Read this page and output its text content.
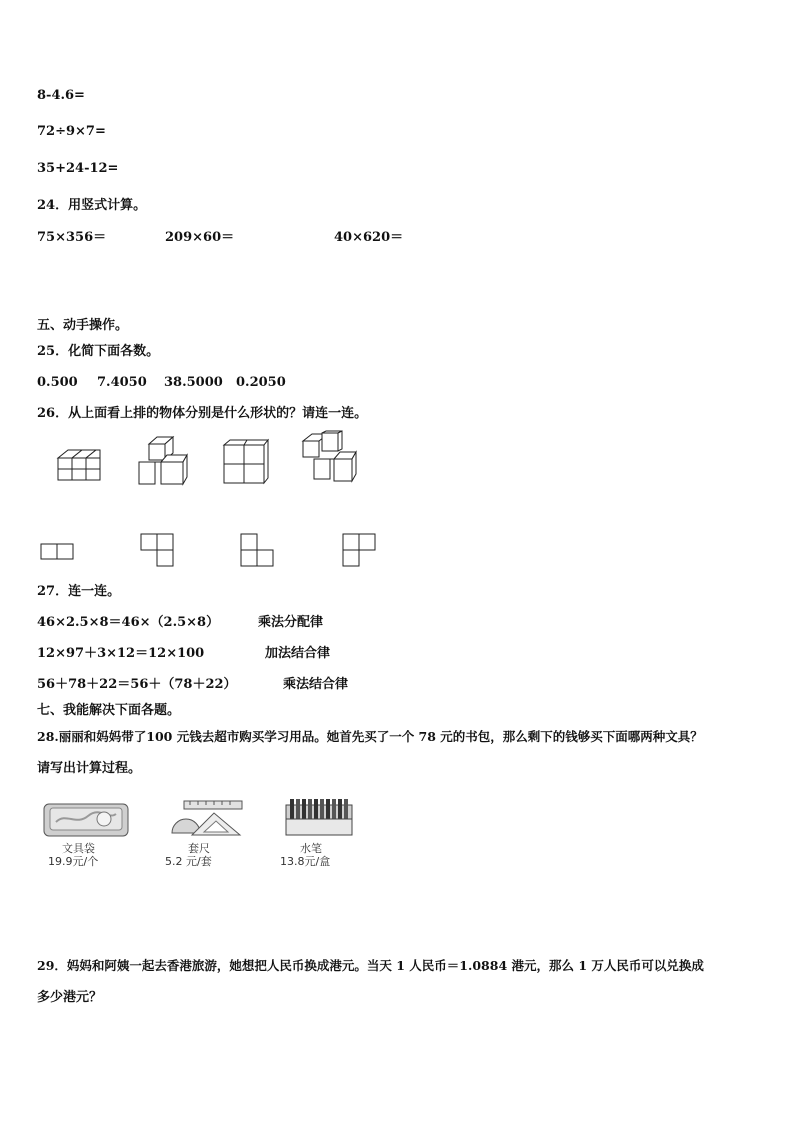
8-4.6=
72÷9×7=
35+24-12=
24．用竖式计算。
75×356＝	209×60＝	40×620＝
五、动手操作。
25．化简下面各数。
0.500 7.4050 38.5000 0.2050
26．从上面看上排的物体分别是什么形状的？请连一连。
27．连一连。
46×2.5×8＝46×（2.5×8）
12×97＋3×12＝12×100
56＋78＋22＝56＋（78＋22）
乘法分配律
加法结合律
乘法结合律
七、我能解决下面各题。
28.丽丽和妈妈带了100 元钱去超市购买学习用品。她首先买了一个 78 元的书包，那么剩下的钱够买下面哪两种文具？
请写出计算过程。
文具袋
19.9元/个
套尺
5.2 元/套
水笔
13.8元/盒
29．妈妈和阿姨一起去香港旅游，她想把人民币换成港元。当天 1 人民币＝1.0884 港元，那么 1 万人民币可以兑换成
多少港元？
